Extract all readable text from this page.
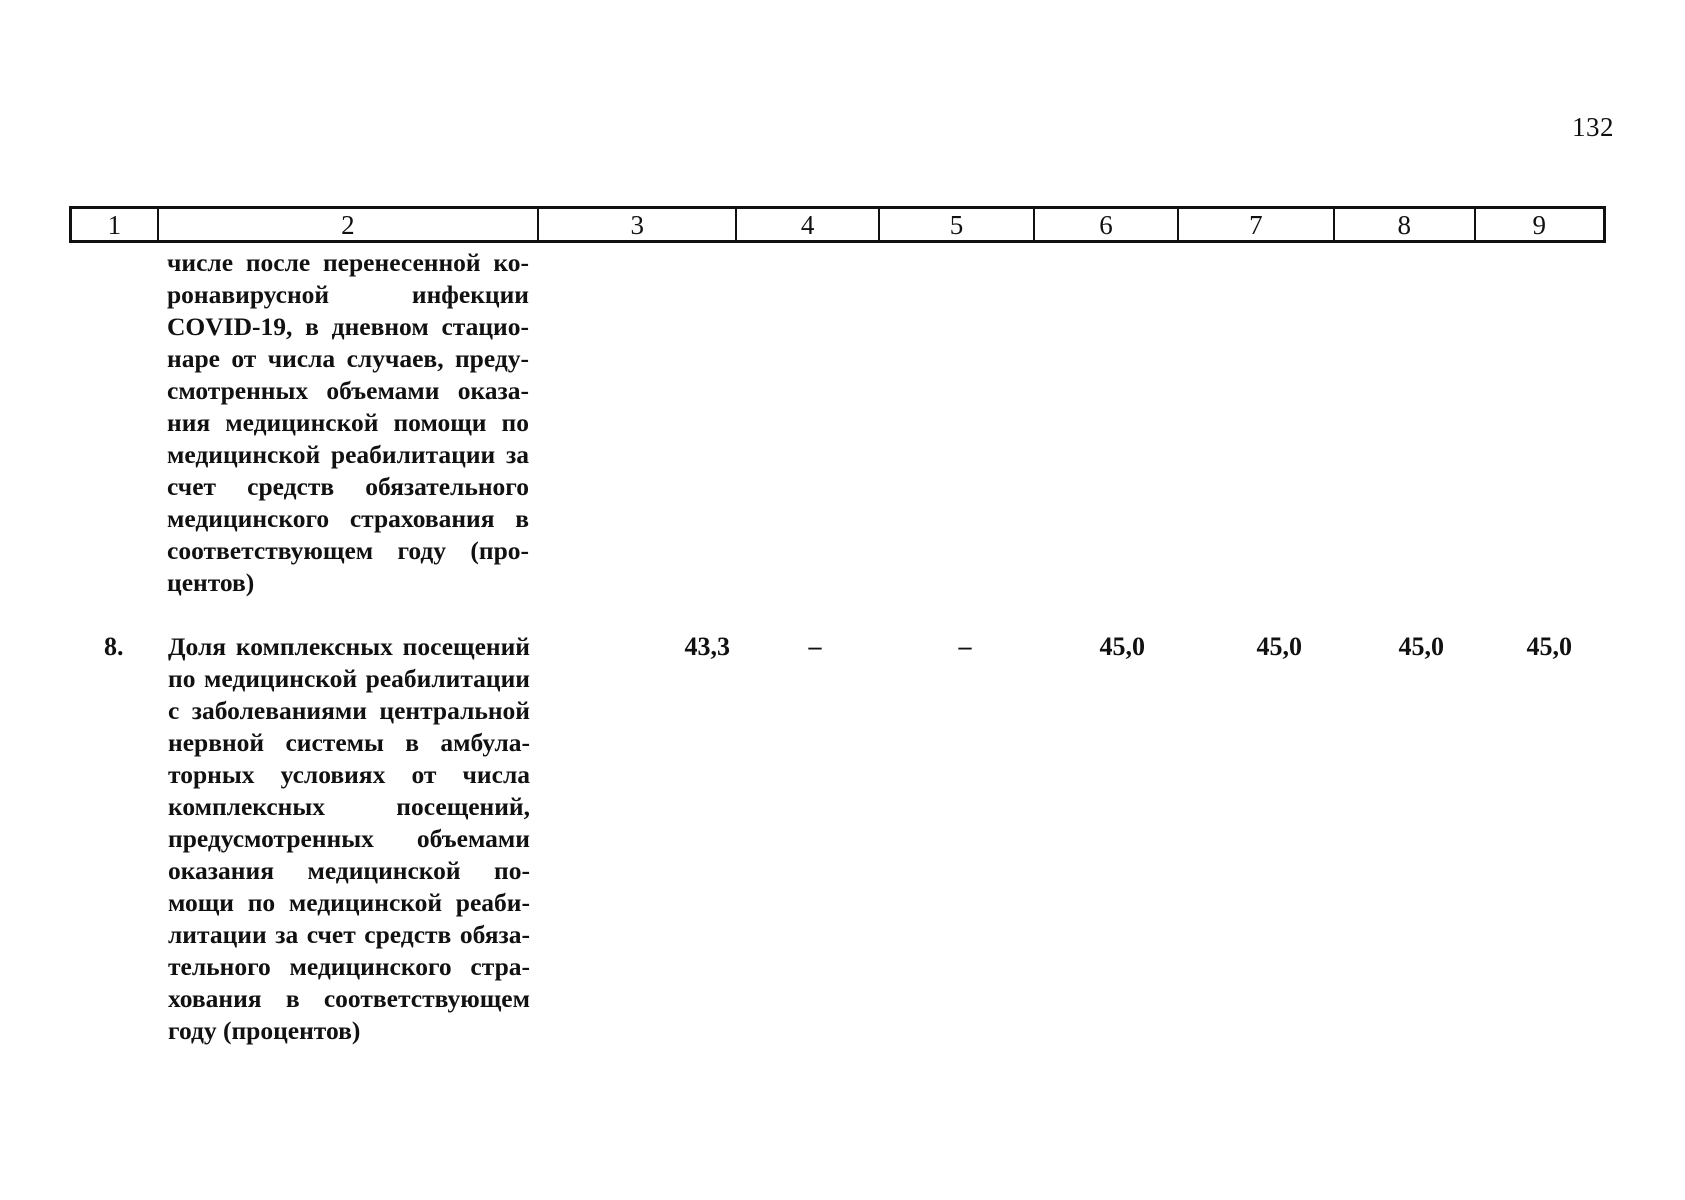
132
1	2	3	4	5	6	7	8	9
числе после перенесенной ко-
ронавирусной инфекции
COVID-19, в дневном стацио-
наре от числа случаев, преду-
смотренных объемами оказа-
ния медицинской помощи по
медицинской реабилитации за
счет средств обязательного
медицинского страхования в
соответствующем году (про-
центов)
8. Доля комплексных посещений
по медицинской реабилитации
с заболеваниями центральной
нервной системы в амбула-
торных условиях от числа
комплексных посещений,
предусмотренных объемами
оказания медицинской по-
мощи по медицинской реаби-
литации за счет средств обяза-
тельного медицинского стра-
хования в соответствующем
году (процентов)
43,3	–	–	45,0	45,0	45,0	45,0
